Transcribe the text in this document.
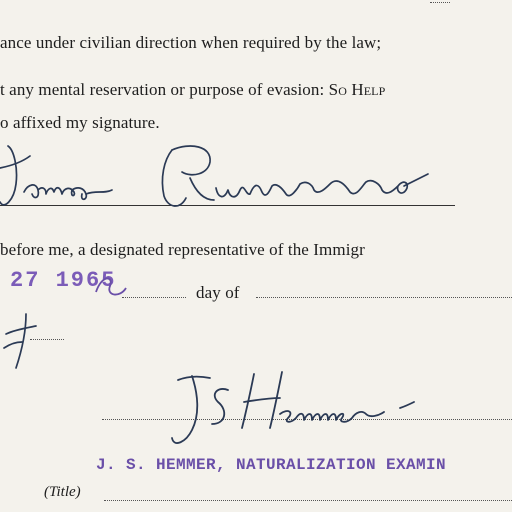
ance under civilian direction when required by the law;
t any mental reservation or purpose of evasion: So Help
o affixed my signature.
before me, a designated representative of the Immigr
27 1965	day of
J. S. HEMMER, NATURALIZATION EXAMIN
(Title)
